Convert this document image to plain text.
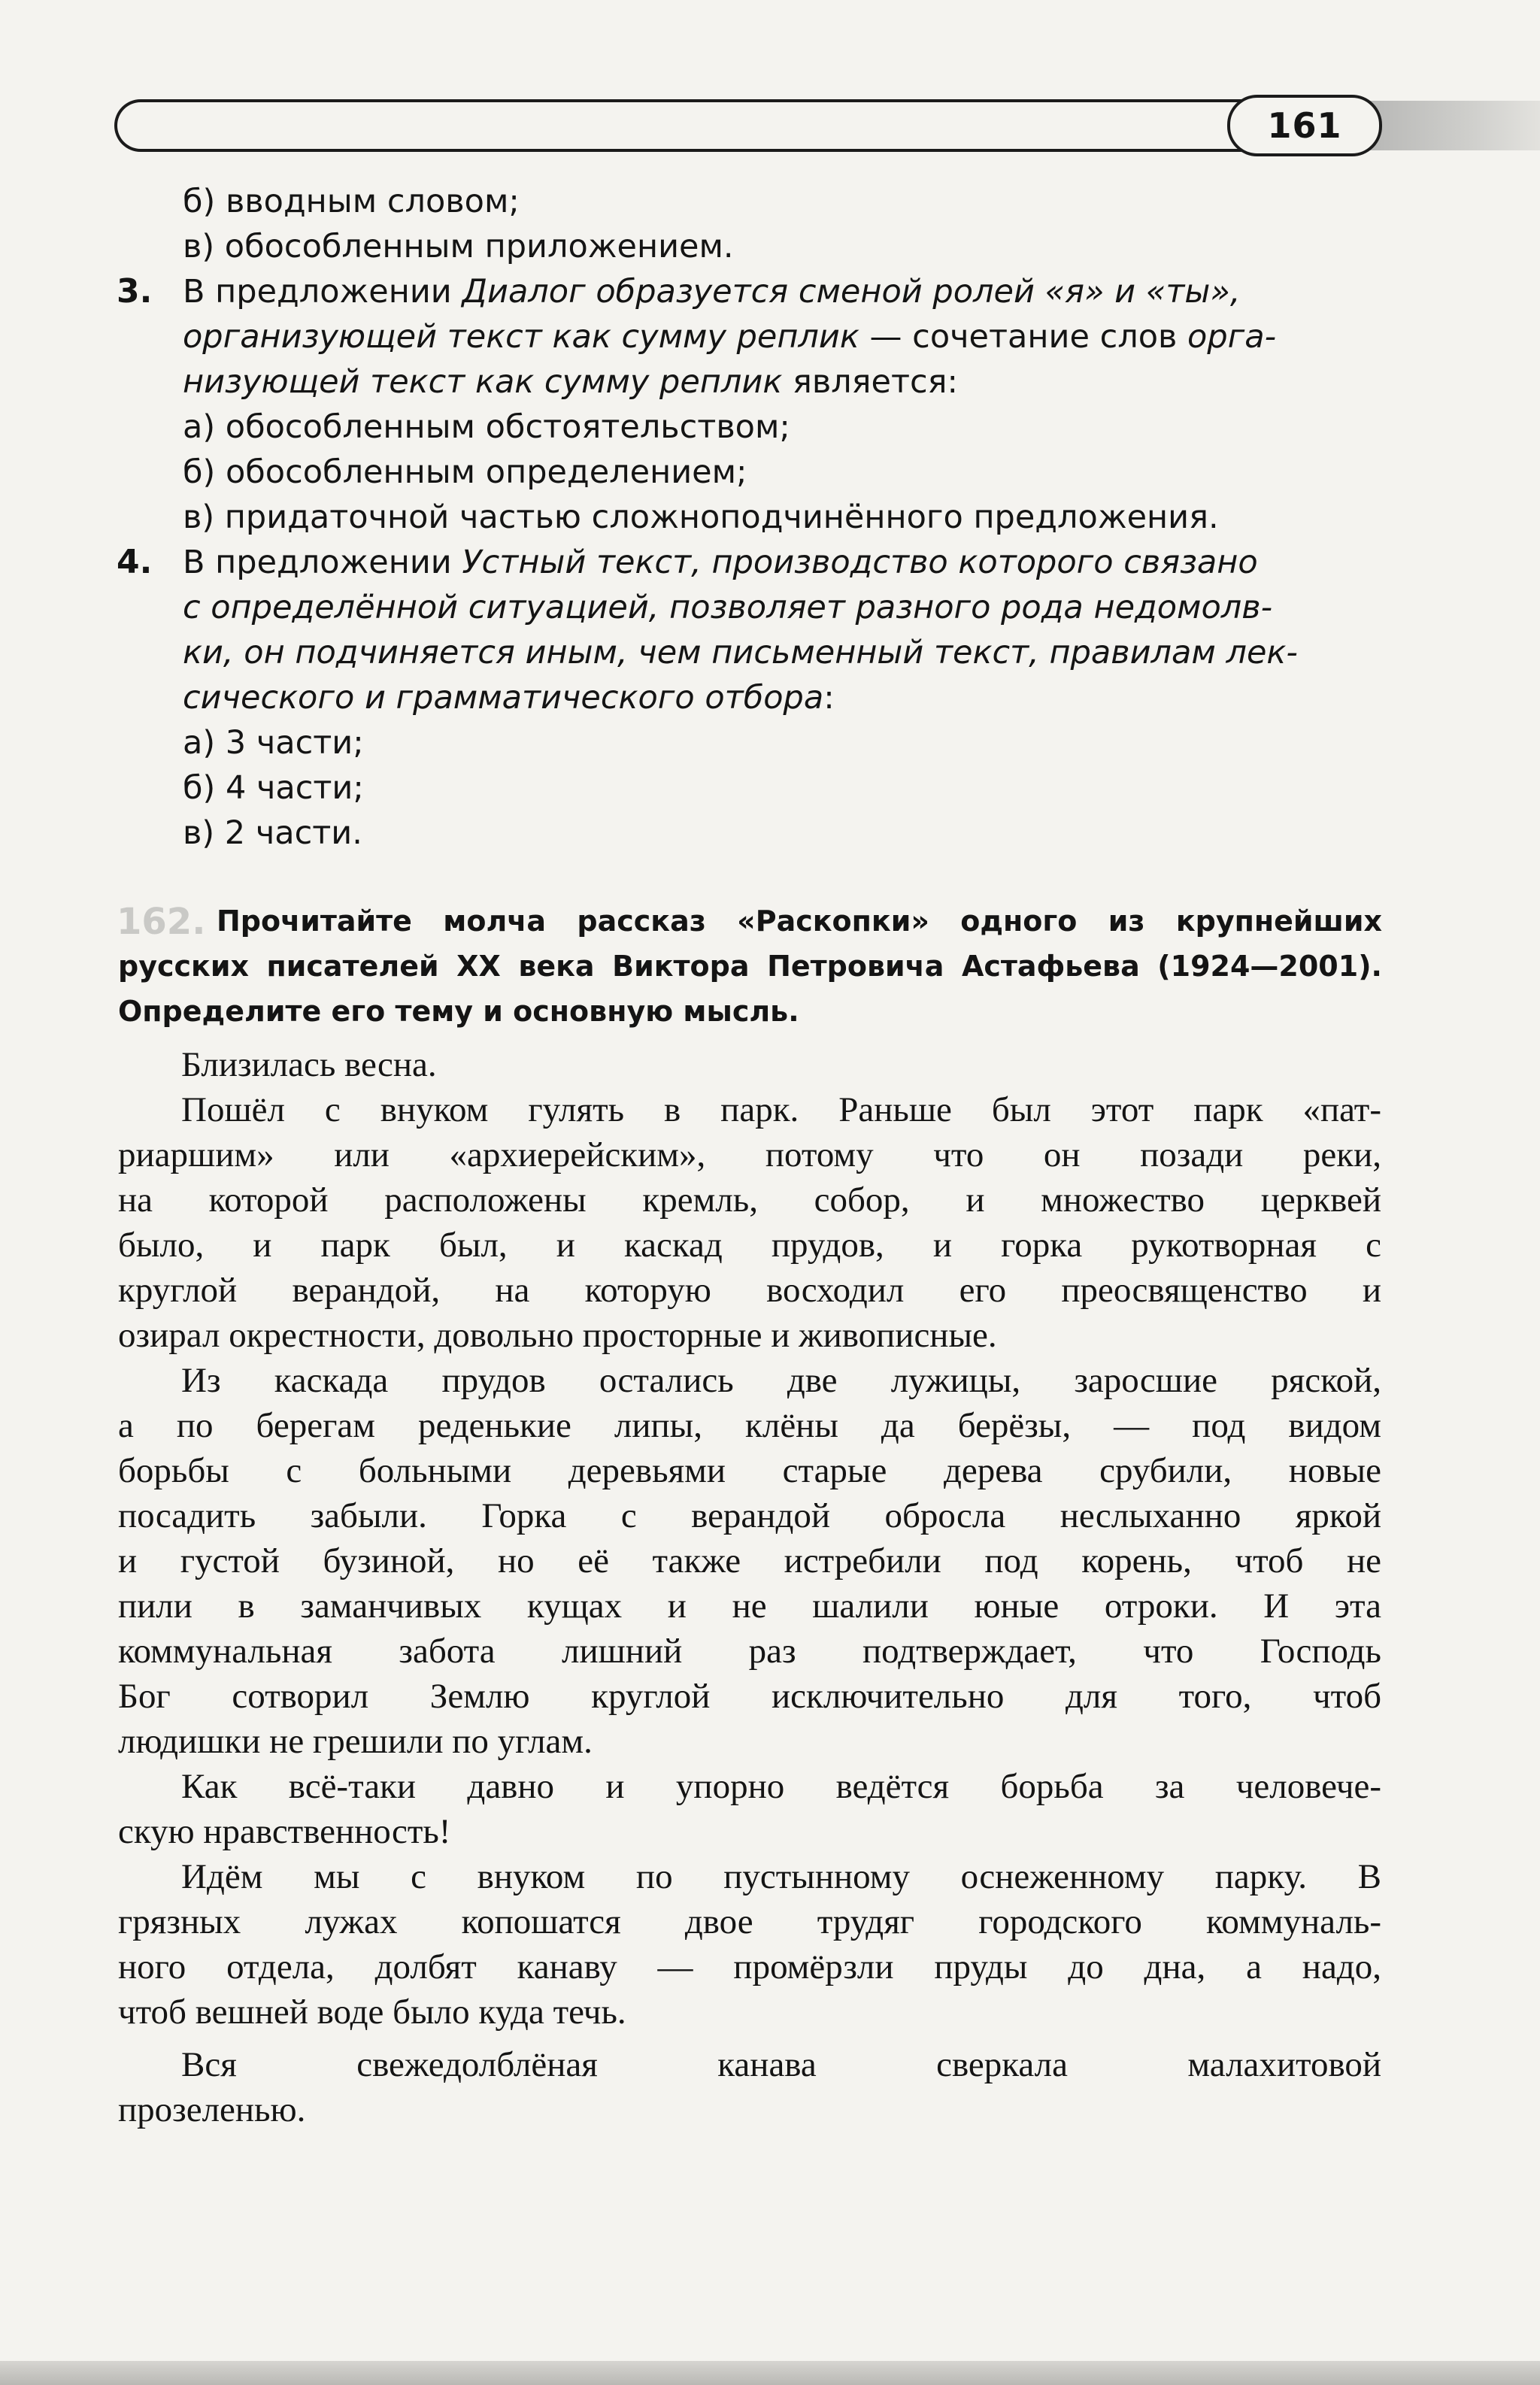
161
б) вводным словом;
в) обособленным приложением.
3. В предложении Диалог образуется сменой ролей «я» и «ты»,
организующей текст как сумму реплик — сочетание слов орга-
низующей текст как сумму реплик является:
а) обособленным обстоятельством;
б) обособленным определением;
в) придаточной частью сложноподчинённого предложения.
4. В предложении Устный текст, производство которого связано
с определённой ситуацией, позволяет разного рода недомолв-
ки, он подчиняется иным, чем письменный текст, правилам лек-
сического и грамматического отбора:
а) 3 части;
б) 4 части;
в) 2 части.
162. Прочитайте молча рассказ «Раскопки» одного из крупнейших
русских писателей XX века Виктора Петровича Астафьева (1924—2001).
Определите его тему и основную мысль.
Близилась весна.
Пошёл с внуком гулять в парк. Раньше был этот парк «пат-
риаршим» или «архиерейским», потому что он позади реки,
на которой расположены кремль, собор, и множество церквей
было, и парк был, и каскад прудов, и горка рукотворная с
круглой верандой, на которую восходил его преосвященство и
озирал окрестности, довольно просторные и живописные.
Из каскада прудов остались две лужицы, заросшие ряской,
а по берегам реденькие липы, клёны да берёзы, — под видом
борьбы с больными деревьями старые дерева срубили, новые
посадить забыли. Горка с верандой обросла неслыханно яркой
и густой бузиной, но её также истребили под корень, чтоб не
пили в заманчивых кущах и не шалили юные отроки. И эта
коммунальная забота лишний раз подтверждает, что Господь
Бог сотворил Землю круглой исключительно для того, чтоб
людишки не грешили по углам.
Как всё-таки давно и упорно ведётся борьба за человече-
скую нравственность!
Идём мы с внуком по пустынному оснеженному парку. В
грязных лужах копошатся двое трудяг городского коммуналь-
ного отдела, долбят канаву — промёрзли пруды до дна, а надо,
чтоб вешней воде было куда течь.
Вся свежедолблёная канава сверкала малахитовой
прозеленью.
